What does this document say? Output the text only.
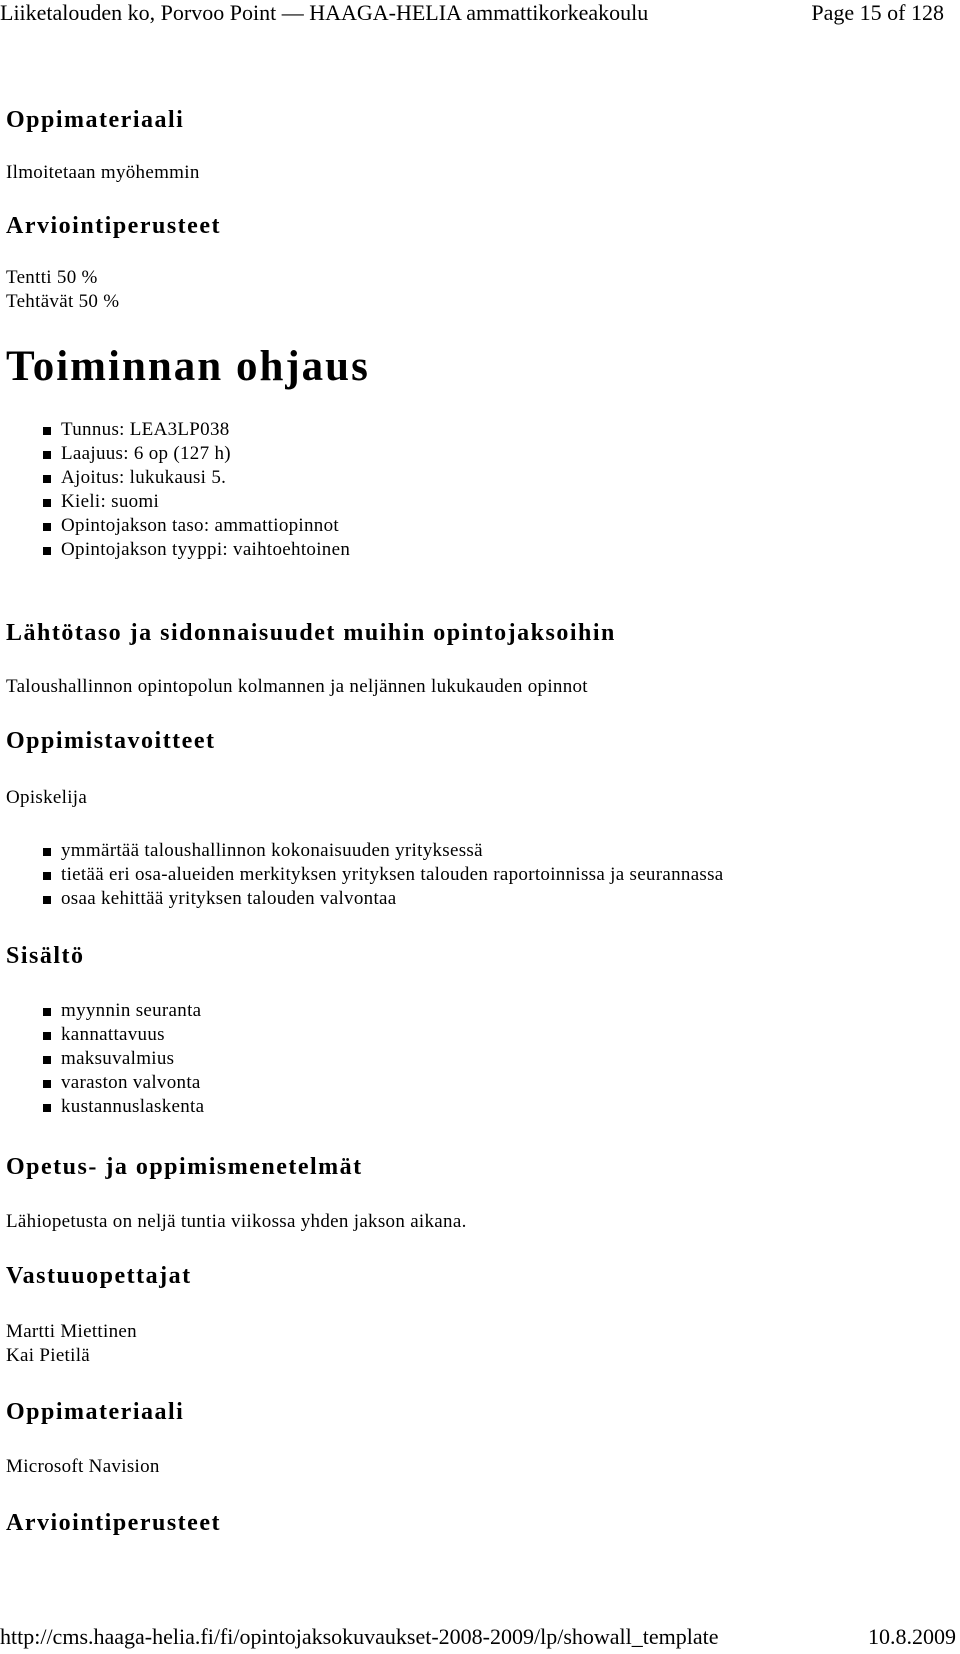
Liiketalouden ko, Porvoo Point — HAAGA-HELIA ammattikorkeakoulu	Page 15 of 128
Oppimateriaali
Ilmoitetaan myöhemmin
Arviointiperusteet
Tentti 50 %
Tehtävät 50 %
Toiminnan ohjaus
Tunnus: LEA3LP038
Laajuus: 6 op (127 h)
Ajoitus: lukukausi 5.
Kieli: suomi
Opintojakson taso: ammattiopinnot
Opintojakson tyyppi: vaihtoehtoinen
Lähtötaso ja sidonnaisuudet muihin opintojaksoihin
Taloushallinnon opintopolun kolmannen ja neljännen lukukauden opinnot
Oppimistavoitteet
Opiskelija
ymmärtää taloushallinnon kokonaisuuden yrityksessä
tietää eri osa-alueiden merkityksen yrityksen talouden raportoinnissa ja seurannassa
osaa kehittää yrityksen talouden valvontaa
Sisältö
myynnin seuranta
kannattavuus
maksuvalmius
varaston valvonta
kustannuslaskenta
Opetus- ja oppimismenetelmät
Lähiopetusta on neljä tuntia viikossa yhden jakson aikana.
Vastuuopettajat
Martti Miettinen
Kai Pietilä
Oppimateriaali
Microsoft Navision
Arviointiperusteet
http://cms.haaga-helia.fi/fi/opintojaksokuvaukset-2008-2009/lp/showall_template	10.8.2009
